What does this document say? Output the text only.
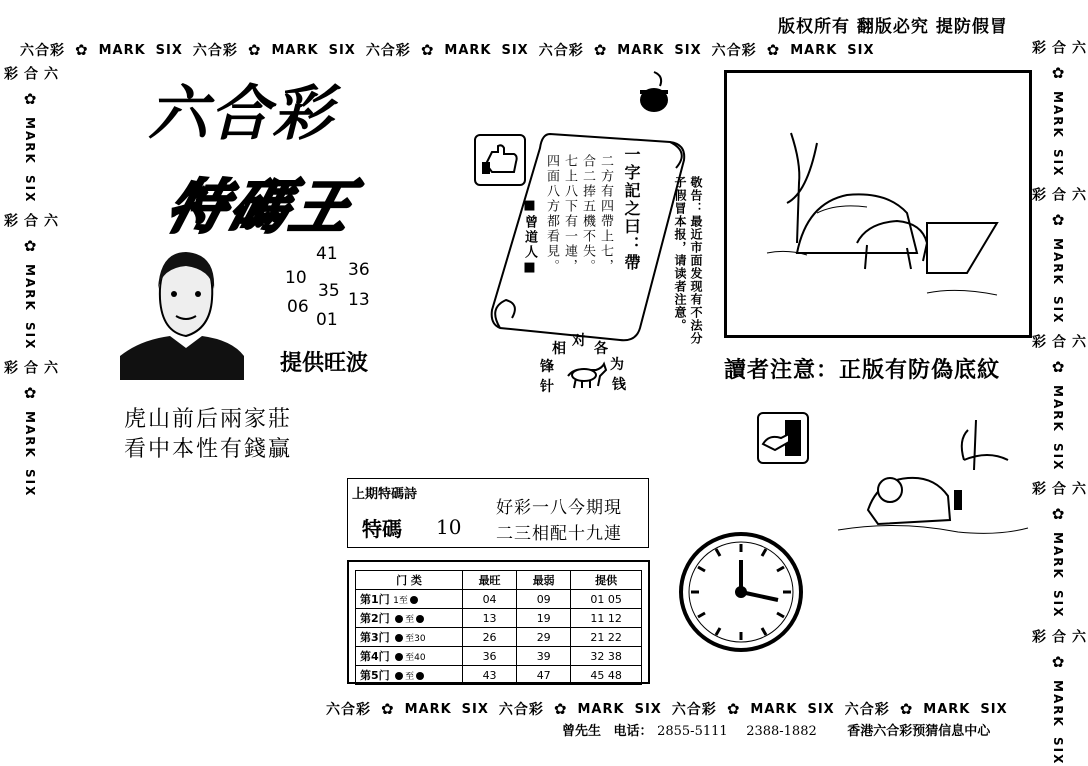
版权所有 翻版必究 提防假冒
六合彩 ✿ MARK SIX 六合彩 ✿ MARK SIX 六合彩 ✿ MARK SIX 六合彩 ✿ MARK SIX 六合彩 ✿ MARK SIX
六合彩 ✿ MARK SIX 六合彩 ✿ MARK SIX 六合彩 ✿ MARK SIX 六合彩 ✿ MARK SIX
六合彩
✿
MARK
SIX
六合彩
✿
MARK
SIX
六合彩
✿
MARK
SIX
六合彩
✿
MARK
SIX
六合彩
✿
MARK
SIX
六合彩
✿
MARK
SIX
六合彩
✿
MARK
SIX
六合彩
✿
MARK
SIX
六合彩
特碼王
41
36
10
35 13
06
01
提供旺波
虎山前后兩家莊
看中本性有錢贏
一字記之曰：帶
二方有四帶上七，
合二捧五機不失。
七上八下有一連，
四面八方都看見。
■曾道人■	敬告：最近市面发现有不法分子假冒本报，请读者注意。
相 对 各
为
锋
针	钱
讀者注意：正版有防偽底紋
上期特碼詩
特碼 10
好彩一八今期現
二三相配十九連
门 类	最旺	最弱	提供
第1门 1至	04	09	01 05
第2门 至	13	19	11 12
第3门 至30	26	29	21 22
第4门 至40	36	39	32 38
第5门 至	43	47	45 48
曾先生 电话： 2855-5111 2388-1882 香港六合彩预猜信息中心
